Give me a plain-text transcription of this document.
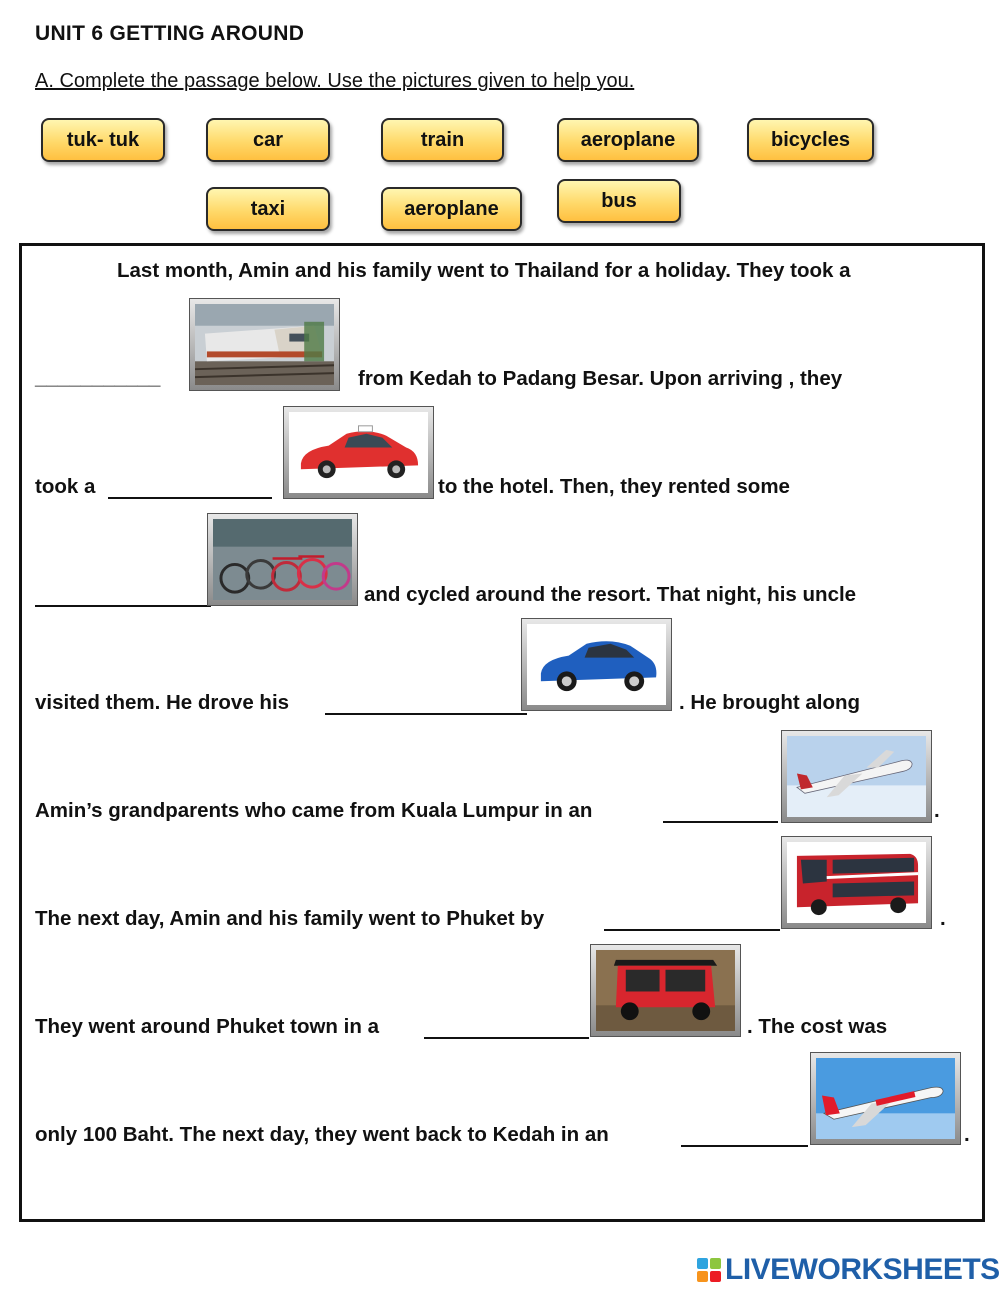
UNIT 6 GETTING AROUND
A. Complete the passage below. Use the pictures given to help you.
tuk- tuk	car	train	aeroplane	bicycles
taxi	aeroplane	bus
Last month, Amin and his family went to Thailand for a holiday. They took a
___________	from Kedah to Padang Besar. Upon arriving , they
took a	to the hotel. Then, they rented some
and cycled around the resort. That night, his uncle
visited them. He drove his	. He brought along
Amin’s grandparents who came from Kuala Lumpur in an	.
The next day, Amin and his family went to Phuket by	.
They went around Phuket town in a	. The cost was
only 100 Baht. The next day, they went back to Kedah in an	.
LIVEWORKSHEETS
